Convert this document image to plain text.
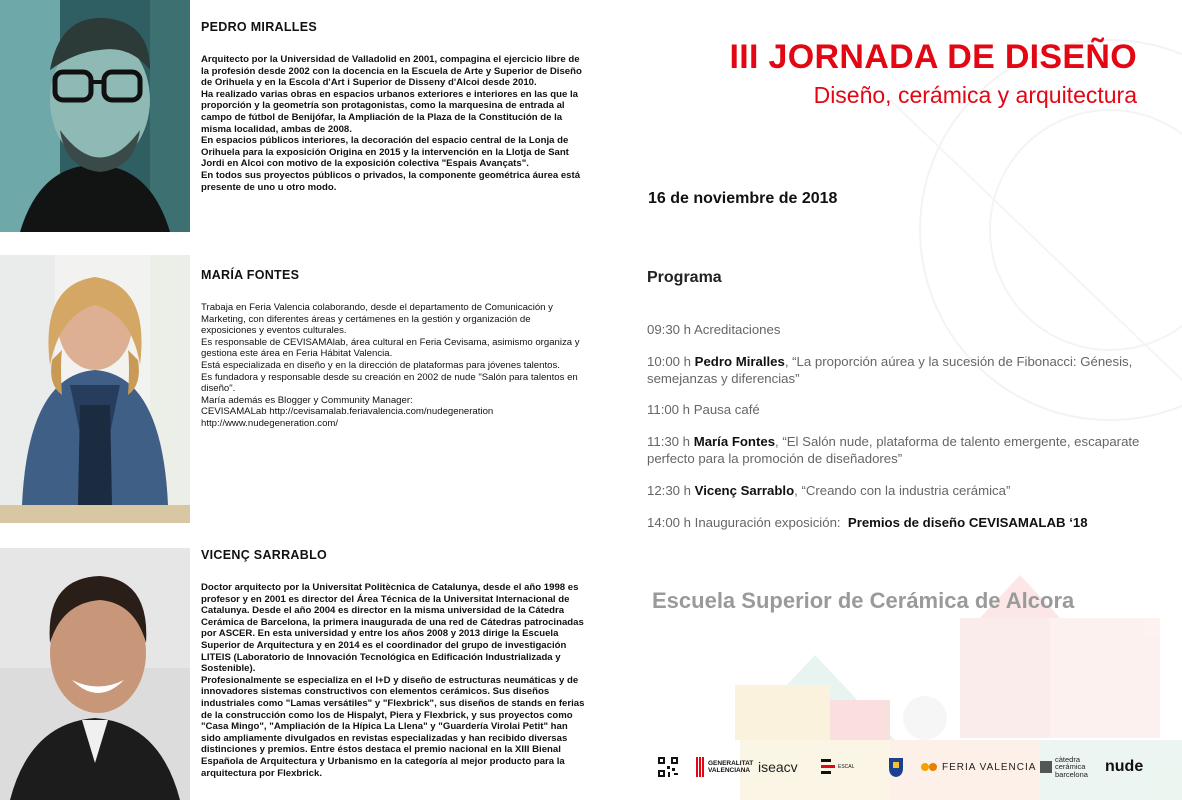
PEDRO MIRALLES

Arquitecto por la Universidad de Valladolid en 2001, compagina el ejercicio libre de la profesión desde 2002 con la docencia en la Escuela de Arte y Superior de Diseño de Orihuela y en la Escola d'Art i Superior de Disseny d'Alcoi desde 2010.

Ha realizado varias obras en espacios urbanos exteriores e interiores en las que la proporción y la geometría son protagonistas, como la marquesina de entrada al campo de fútbol de Benijófar, la Ampliación de la Plaza de la Constitución de la misma localidad, ambas de 2008.

En espacios públicos interiores, la decoración del espacio central de la Lonja de Orihuela para la exposición Origina en 2015 y la intervención en la Llotja de Sant Jordi en Alcoi con motivo de la exposición colectiva "Espais Avançats".

En todos sus proyectos públicos o privados, la componente geométrica áurea está presente de uno u otro modo.

MARÍA FONTES

Trabaja en Feria Valencia colaborando, desde el departamento de Comunicación y Marketing, con diferentes áreas y certámenes en la gestión y organización de exposiciones y eventos culturales.

Es responsable de CEVISAMAlab, área cultural en Feria Cevisama, asimismo organiza y gestiona este área en Feria Hábitat Valencia.

Está especializada en diseño y en la dirección de plataformas para jóvenes talentos.

Es fundadora y responsable desde su creación en 2002 de nude "Salón para talentos en diseño".

María además es Blogger y Community Manager:

CEVISAMALab http://cevisamalab.feriavalencia.com/nudegeneration

http://www.nudegeneration.com/

VICENÇ SARRABLO

Doctor arquitecto por la Universitat Politècnica de Catalunya, desde el año 1998 es profesor y en 2001 es director del Área Técnica de la Universitat Internacional de Catalunya. Desde el año 2004 es director en la misma universidad de la Cátedra Cerámica de Barcelona, la primera inaugurada de una red de Cátedras patrocinadas por ASCER. En esta universidad y entre los años 2008 y 2013 dirige la Escuela Superior de Arquitectura y en 2014 es el coordinador del grupo de investigación LITEIS (Laboratorio de Innovación Tecnológica en Edificación Industrializada y Sostenible).

Profesionalmente se especializa en el I+D y diseño de estructuras neumáticas y de innovadores sistemas constructivos con elementos cerámicos. Sus diseños industriales como "Lamas versátiles" y "Flexbrick", sus diseños de stands en ferias de la construcción como los de Hispalyt, Piera y Flexbrick, y sus proyectos como "Casa Mingo", "Ampliación de la Hípica La Llena" y "Guardería Virolai Petit" han sido ampliamente divulgados en revistas especializadas y han recibido diversas distinciones y premios. Entre éstos destaca el premio nacional en la XIII Bienal Española de Arquitectura y Urbanismo en la categoría al mejor producto para la arquitectura por Flexbrick.

III JORNADA DE DISEÑO
Diseño, cerámica y arquitectura
16 de noviembre de 2018
Programa
09:30 h Acreditaciones
10:00 h Pedro Miralles, “La proporción aúrea y la sucesión de Fibonacci: Génesis, semejanzas y diferencias”
11:00 h Pausa café
11:30 h María Fontes, “El Salón nude, plataforma de talento emergente, escaparate perfecto para la promoción de diseñadores”
12:30 h Vicenç Sarrablo, “Creando con la industria cerámica”
14:00 h Inauguración exposición: Premios de diseño CEVISAMALAB ‘18
Escuela Superior de Cerámica de Alcora
GENERALITAT
VALENCIANA iseacv	ESCAL	FERIA VALENCIA
càtedra
cerámica
barcelona nude
